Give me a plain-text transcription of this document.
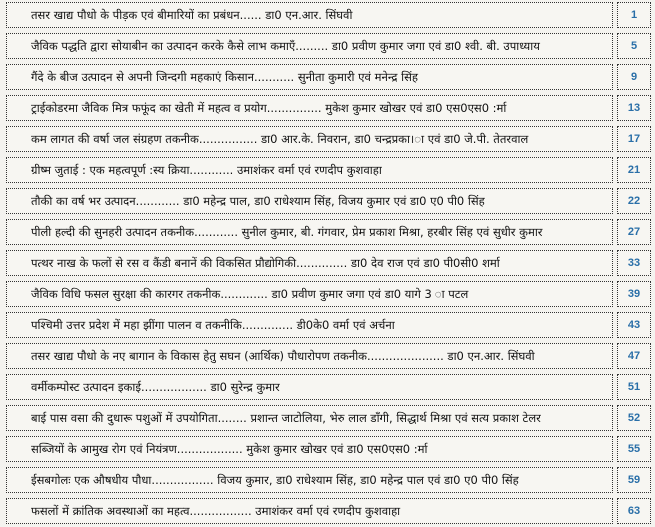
तसर खाद्य पौधो के पीड़क एवं बीमारियों का प्रबंधन...... डा0 एन.आर. सिंघवी	1
जैविक पद्धति द्वारा सोयाबीन का उत्पादन करके कैसे लाभ कमाएँ......... डा0 प्रवीण कुमार जगा एवं डा0 श्वी. बी. उपाध्याय	5
गैंदे के बीज उत्पादन से अपनी जिन्दगी महकाएं किसान........... सुनीता कुमारी एवं मनेन्द्र सिंह	9
ट्राईकोडरमा जैविक मित्र फफूंद का खेती में महत्व व प्रयोग............... मुकेश कुमार खोखर एवं डा0 एस0एस0 :र्मा	13
कम लागत की वर्षा जल संग्रहण तकनीक................ डा0 आर.के. निवरान, डा0 चन्द्रप्रका।ा एवं डा0 जे.पी. तेतरवाल	17
ग्रीष्म जुताई : एक महत्वपूर्ण :स्य क्रिया............ उमाशंकर वर्मा एवं रणदीप कुशवाहा	21
तौकी का वर्ष भर उत्पादन............ डा0 महेन्द्र पाल, डा0 राधेश्याम सिंह, विजय कुमार एवं डा0 ए0 पी0 सिंह	22
पीली हल्दी की सुनहरी उत्पादन तकनीक............ सुनील कुमार, बी. गंगवार, प्रेम प्रकाश मिश्रा, हरबीर सिंह एवं सुधीर कुमार	27
पत्थर नाख के फलों से रस व कैंडी बनानें की विकसित प्रौद्योगिकी.............. डा0 देव राज एवं डा0 पी0सी0 शर्मा	33
जैविक विधि फसल सुरक्षा की कारगर तकनीक............. डा0 प्रवीण कुमार जगा एवं डा0 यागे 3 ा पटल	39
पश्चिमी उत्तर प्रदेश में महा झींगा पालन व तकनीकि.............. डी0के0 वर्मा एवं अर्चना	43
तसर खाद्य पौधो के नए बागान के विकास हेतु सघन (आर्थिक) पौधारोपण तकनीक..................... डा0 एन.आर. सिंघवी	47
वर्मीकम्पोस्ट उत्पादन इकाई.................. डा0 सुरेन्द्र कुमार	51
बाई पास वसा की दुधारू पशुओं में उपयोगिता........ प्रशान्त जाटोलिया, भेरु लाल डाँगी, सिद्धार्थ मिश्रा एवं सत्य प्रकाश टेलर	52
सब्जियों के आमुख रोग एवं नियंत्रण.................. मुकेश कुमार खोखर एवं डा0 एस0एस0 :र्मा	55
ईसबगोलः एक औषधीय पौधा................. विजय कुमार, डा0 राधेश्याम सिंह, डा0 महेन्द्र पाल एवं डा0 ए0 पी0 सिंह	59
फसलों में क्रांतिक अवस्थाओं का महत्व................. उमाशंकर वर्मा एवं रणदीप कुशवाहा	63
